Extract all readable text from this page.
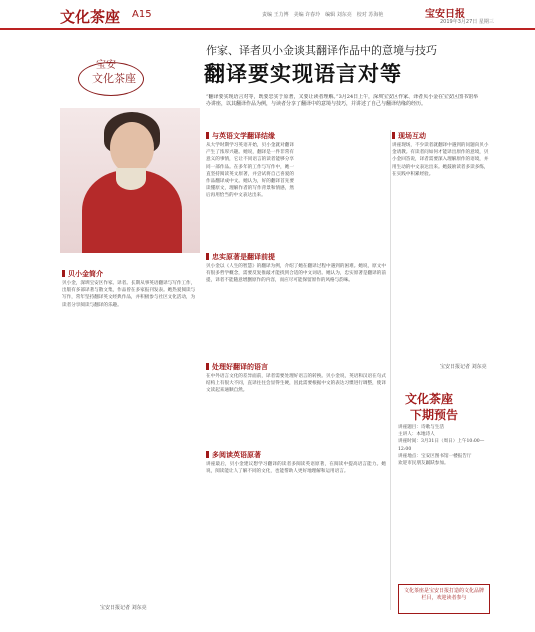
文化茶座 A15	责编 王力博　美编 许春玲　编辑 刘东亮　校对 苏海艳	宝安日报
2019年3月27日 星期三
宝安
文化茶座
作家、译者贝小金谈其翻译作品中的意境与技巧
翻译要实现语言对等
贝小金简介
贝小金，深圳宝安区作家、译者。长期从事英语翻译与写作工作，出版有多部译著与散文集，作品曾在多家报刊发表。她热爱阅读与写作，常年坚持翻译英文经典作品，并积极参与社区文化活动，为读者分享阅读与翻译的乐趣。
宝安日报记者 刘东亮
“翻译要实现语言对等，既要忠实于原著，又要让读者理解。”3月24日上午，深圳宝安区作家、译者贝小金在宝安区图书馆举办讲座，以其翻译作品为例，与读者分享了翻译中的意境与技巧，并讲述了自己与翻译结缘的经历。
与英语文学翻译结缘
从大学时期学习英语开始，贝小金就对翻译产生了浓厚兴趣。她说，翻译是一件非常有意义的事情，它让不同语言的读者能够分享同一部作品。在多年的工作与写作中，她一直坚持阅读英文原著，并尝试将自己喜爱的作品翻译成中文。她认为，好的翻译首先要读懂原文，理解作者的写作背景和情感，然后再用恰当的中文表达出来。
忠实原著是翻译前提
贝小金以《人生的智慧》的翻译为例，介绍了她在翻译过程中遇到的困难。她说，原文中有很多哲学概念，需要反复推敲才能找到合适的中文词语。她认为，忠实原著是翻译的前提，译者不能随意增删原作的内容，而应尽可能保留原作的风格与韵味。
处理好翻译的语言
在中外语言文化的差异面前，译者需要处理好语言的转换。贝小金说，英语和汉语在句式结构上有很大不同，直译往往会显得生硬，因此需要根据中文的表达习惯进行调整，使译文读起来通顺自然。
多阅读英语原著
讲座最后，贝小金建议想学习翻译的读者多阅读英语原著，在阅读中提高语言能力。她说，阅读能让人了解不同的文化，也能帮助人更好地理解和运用语言。
现场互动
讲座现场，不少读者就翻译中遇到的问题向贝小金请教。有读者问如何才能译出原作的意境，贝小金回答说，译者需要深入理解原作的语境，并用生动的中文表达出来。她鼓励读者多读多练，在实践中积累经验。
宝安日报记者 刘东亮
文化茶座
下期预告
讲座题目：诗歌与生活
主讲人：本地诗人
讲座时间：3月31日（周日）上午10:00—12:00
讲座地点：宝安区图书馆一楼报告厅
欢迎市民朋友踊跃参加。
文化茶座是宝安日报打造的文化品牌栏目，欢迎读者参与
